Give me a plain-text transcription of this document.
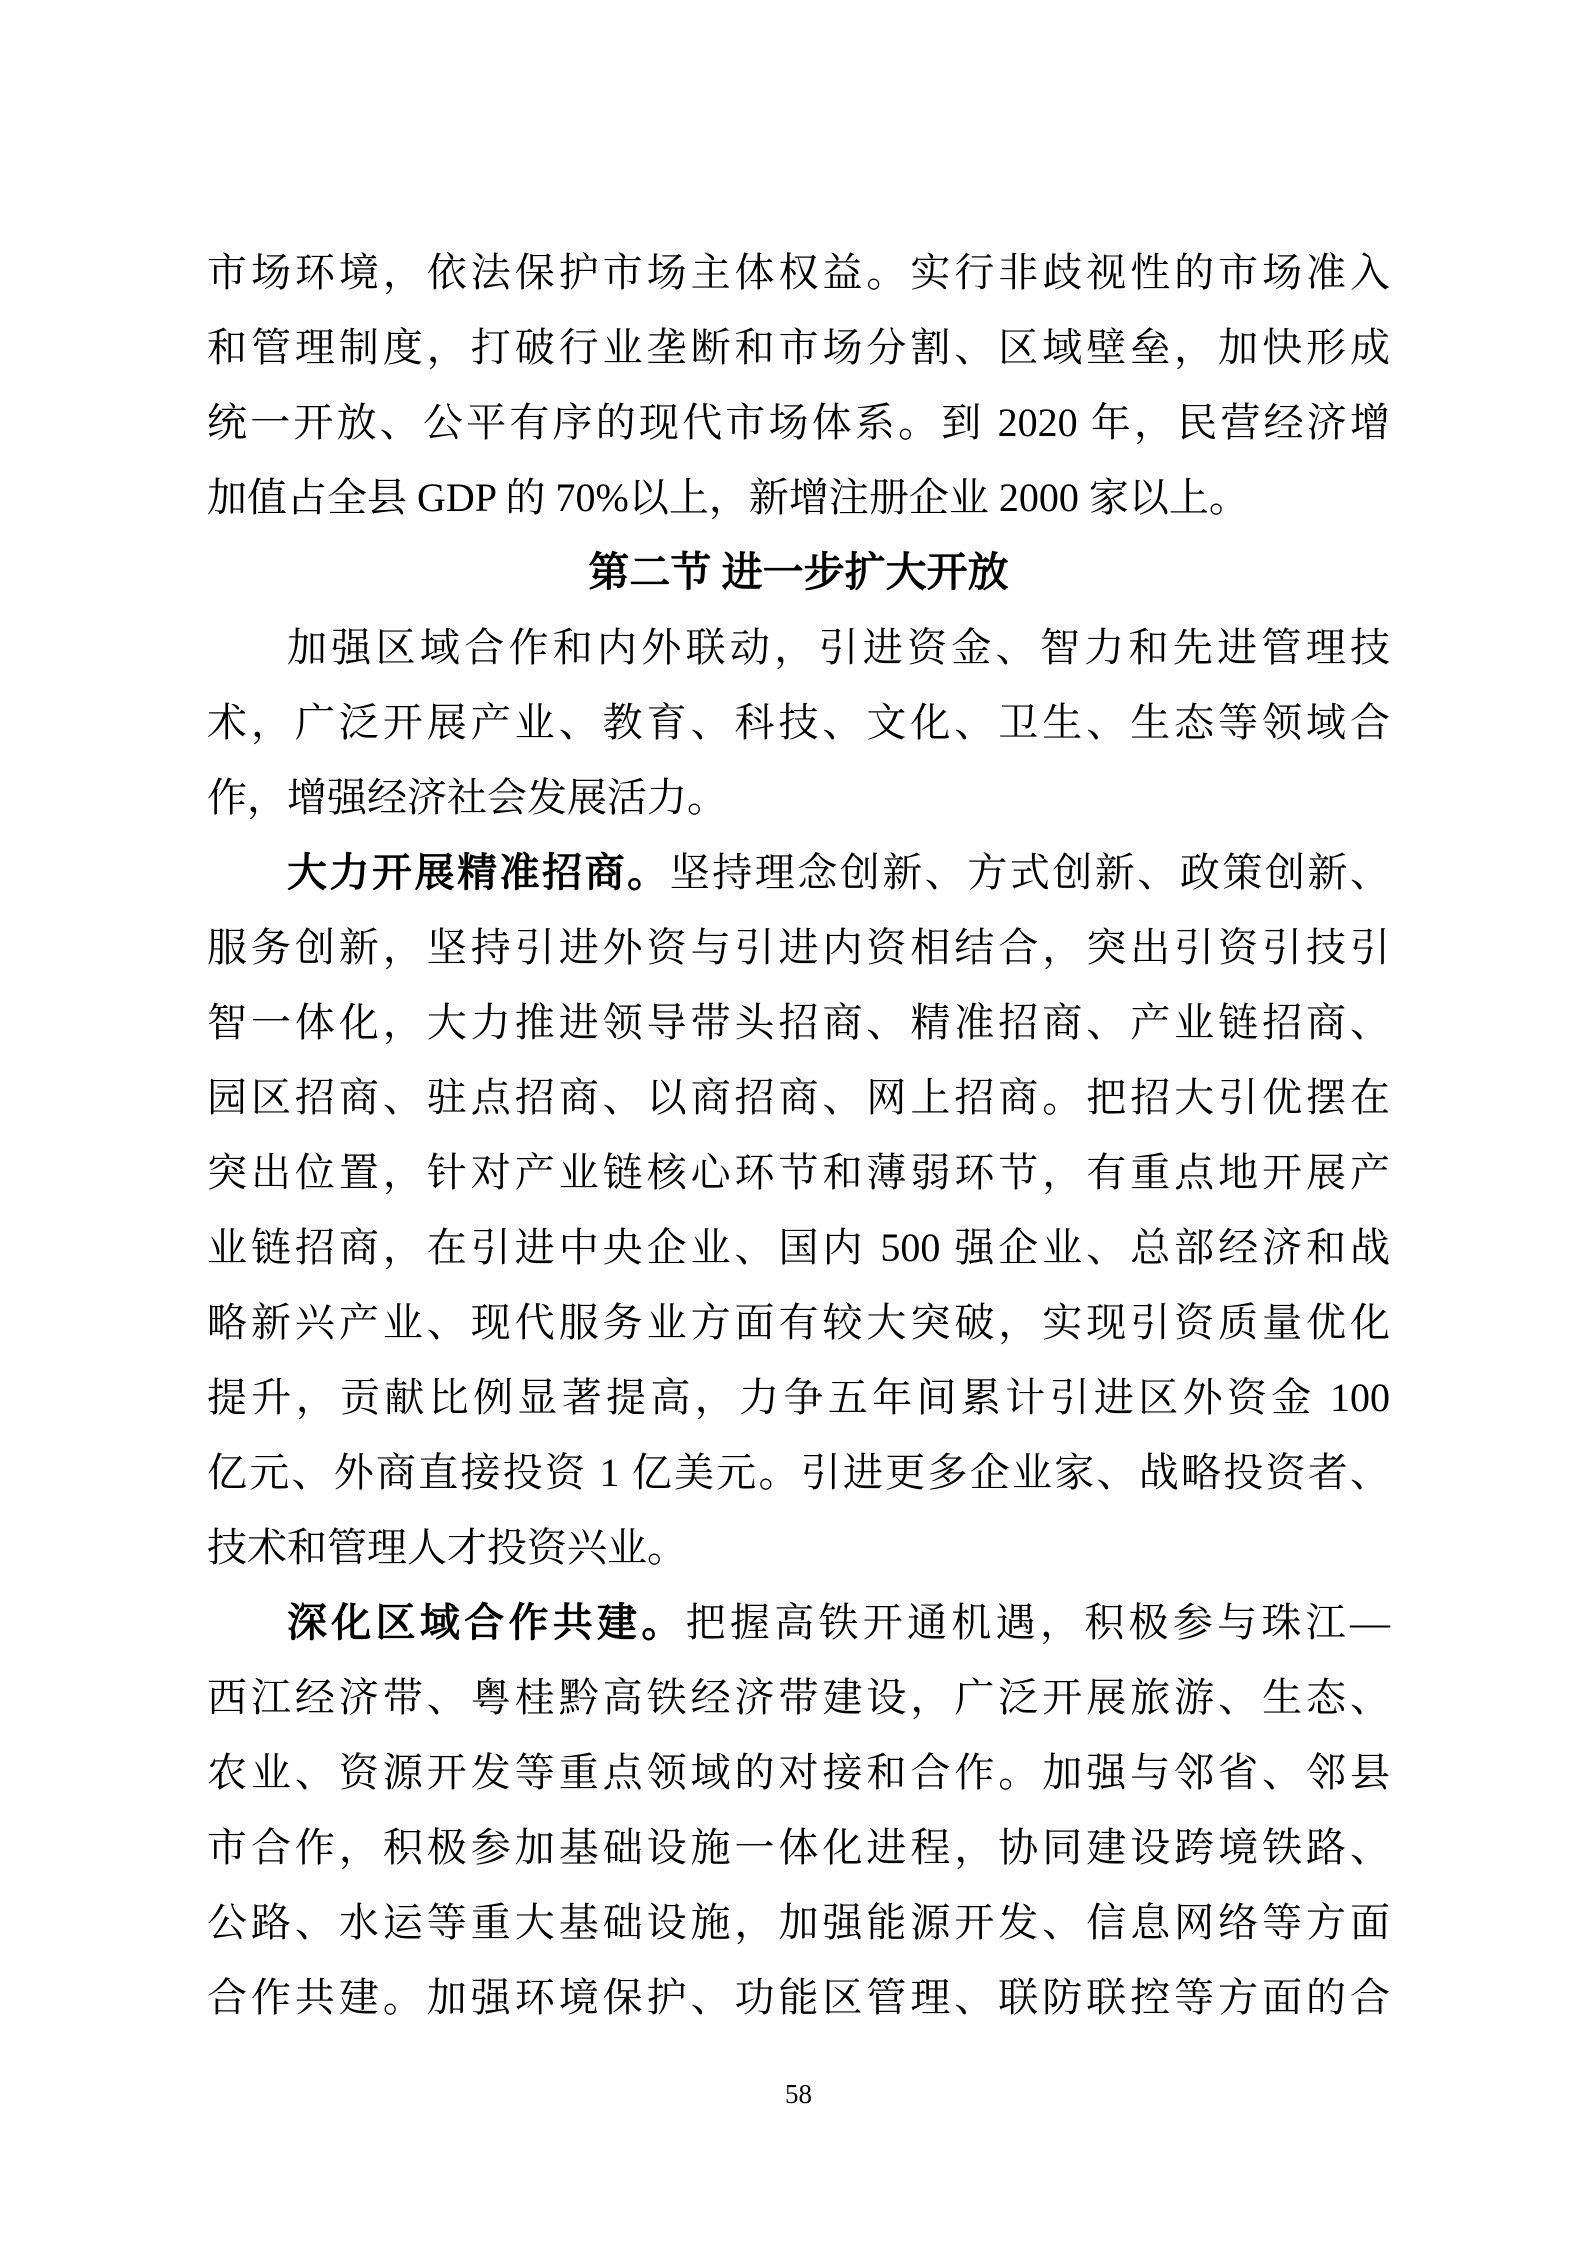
市场环境，依法保护市场主体权益。实行非歧视性的市场准入
和管理制度，打破行业垄断和市场分割、区域壁垒，加快形成
统一开放、公平有序的现代市场体系。到 2020 年，民营经济增
加值占全县 GDP 的 70%以上，新增注册企业 2000 家以上。
第二节 进一步扩大开放
加强区域合作和内外联动，引进资金、智力和先进管理技
术，广泛开展产业、教育、科技、文化、卫生、生态等领域合
作，增强经济社会发展活力。
大力开展精准招商。坚持理念创新、方式创新、政策创新、
服务创新，坚持引进外资与引进内资相结合，突出引资引技引
智一体化，大力推进领导带头招商、精准招商、产业链招商、
园区招商、驻点招商、以商招商、网上招商。把招大引优摆在
突出位置，针对产业链核心环节和薄弱环节，有重点地开展产
业链招商，在引进中央企业、国内 500 强企业、总部经济和战
略新兴产业、现代服务业方面有较大突破，实现引资质量优化
提升，贡献比例显著提高，力争五年间累计引进区外资金 100
亿元、外商直接投资 1 亿美元。引进更多企业家、战略投资者、
技术和管理人才投资兴业。
深化区域合作共建。把握高铁开通机遇，积极参与珠江—
西江经济带、粤桂黔高铁经济带建设，广泛开展旅游、生态、
农业、资源开发等重点领域的对接和合作。加强与邻省、邻县
市合作，积极参加基础设施一体化进程，协同建设跨境铁路、
公路、水运等重大基础设施，加强能源开发、信息网络等方面
合作共建。加强环境保护、功能区管理、联防联控等方面的合
58
